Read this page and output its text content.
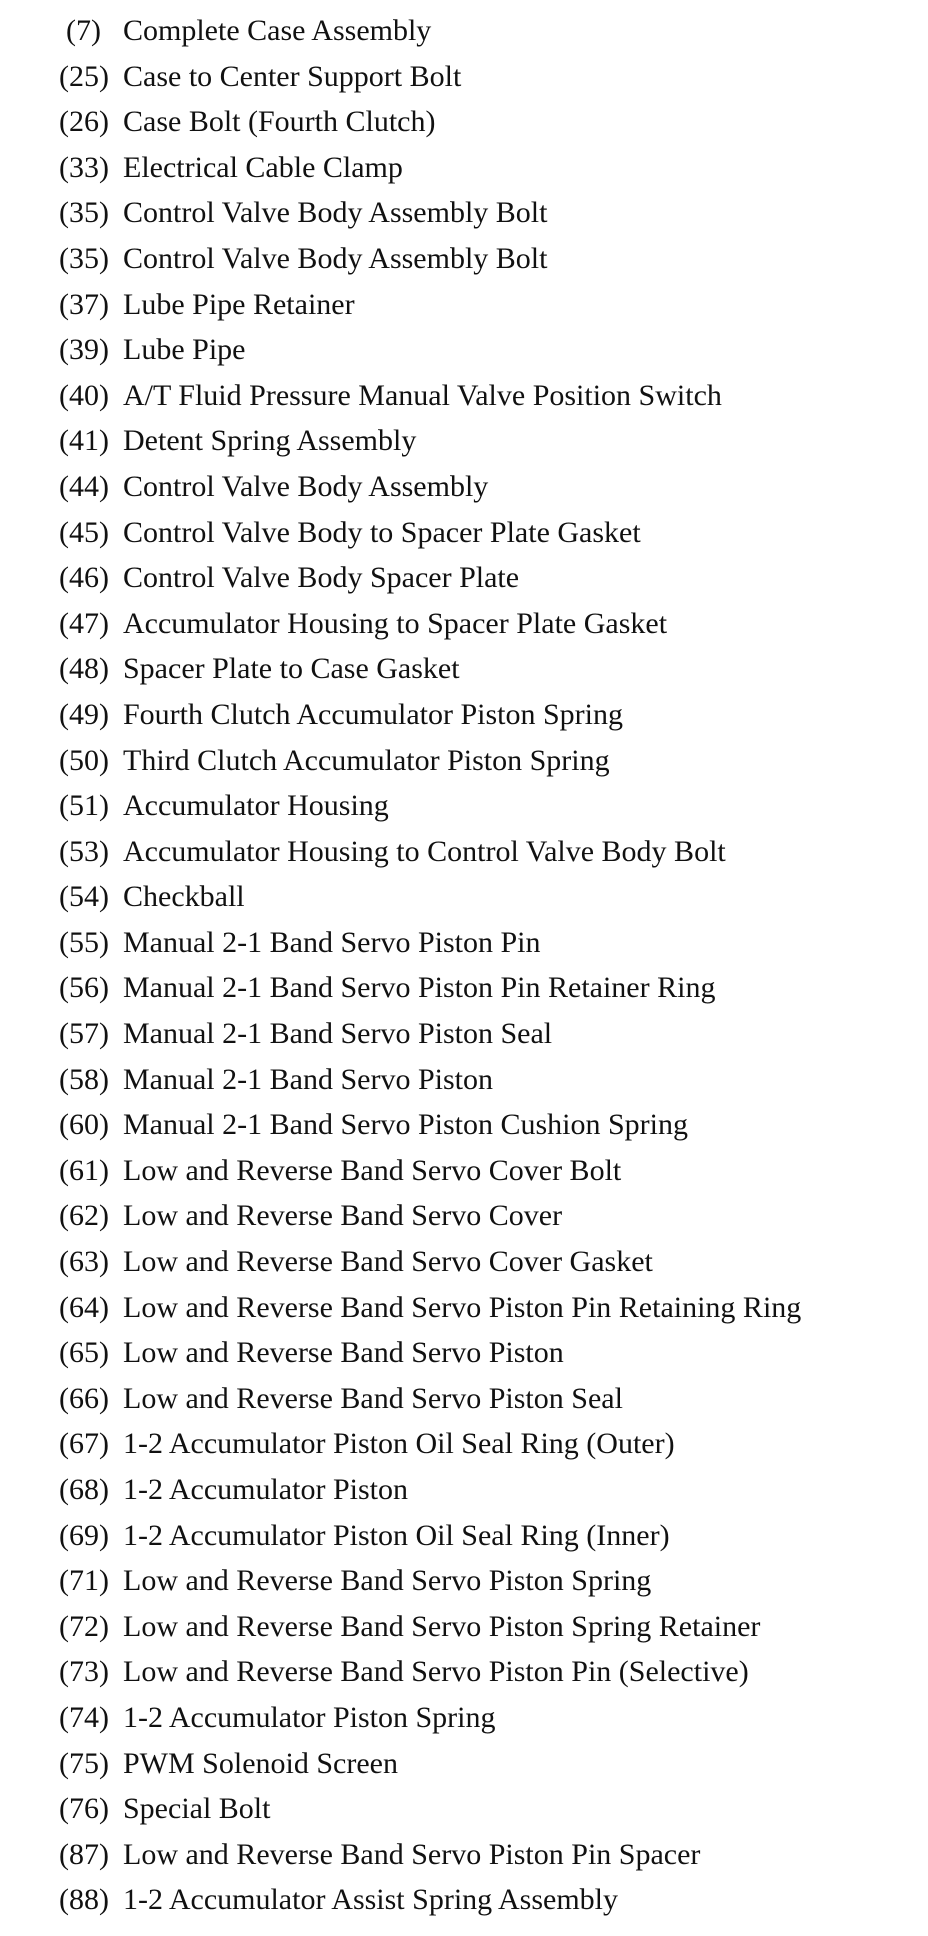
(7) Complete Case Assembly
(25) Case to Center Support Bolt
(26) Case Bolt (Fourth Clutch)
(33) Electrical Cable Clamp
(35) Control Valve Body Assembly Bolt
(35) Control Valve Body Assembly Bolt
(37) Lube Pipe Retainer
(39) Lube Pipe
(40) A/T Fluid Pressure Manual Valve Position Switch
(41) Detent Spring Assembly
(44) Control Valve Body Assembly
(45) Control Valve Body to Spacer Plate Gasket
(46) Control Valve Body Spacer Plate
(47) Accumulator Housing to Spacer Plate Gasket
(48) Spacer Plate to Case Gasket
(49) Fourth Clutch Accumulator Piston Spring
(50) Third Clutch Accumulator Piston Spring
(51) Accumulator Housing
(53) Accumulator Housing to Control Valve Body Bolt
(54) Checkball
(55) Manual 2-1 Band Servo Piston Pin
(56) Manual 2-1 Band Servo Piston Pin Retainer Ring
(57) Manual 2-1 Band Servo Piston Seal
(58) Manual 2-1 Band Servo Piston
(60) Manual 2-1 Band Servo Piston Cushion Spring
(61) Low and Reverse Band Servo Cover Bolt
(62) Low and Reverse Band Servo Cover
(63) Low and Reverse Band Servo Cover Gasket
(64) Low and Reverse Band Servo Piston Pin Retaining Ring
(65) Low and Reverse Band Servo Piston
(66) Low and Reverse Band Servo Piston Seal
(67) 1-2 Accumulator Piston Oil Seal Ring (Outer)
(68) 1-2 Accumulator Piston
(69) 1-2 Accumulator Piston Oil Seal Ring (Inner)
(71) Low and Reverse Band Servo Piston Spring
(72) Low and Reverse Band Servo Piston Spring Retainer
(73) Low and Reverse Band Servo Piston Pin (Selective)
(74) 1-2 Accumulator Piston Spring
(75) PWM Solenoid Screen
(76) Special Bolt
(87) Low and Reverse Band Servo Piston Pin Spacer
(88) 1-2 Accumulator Assist Spring Assembly
